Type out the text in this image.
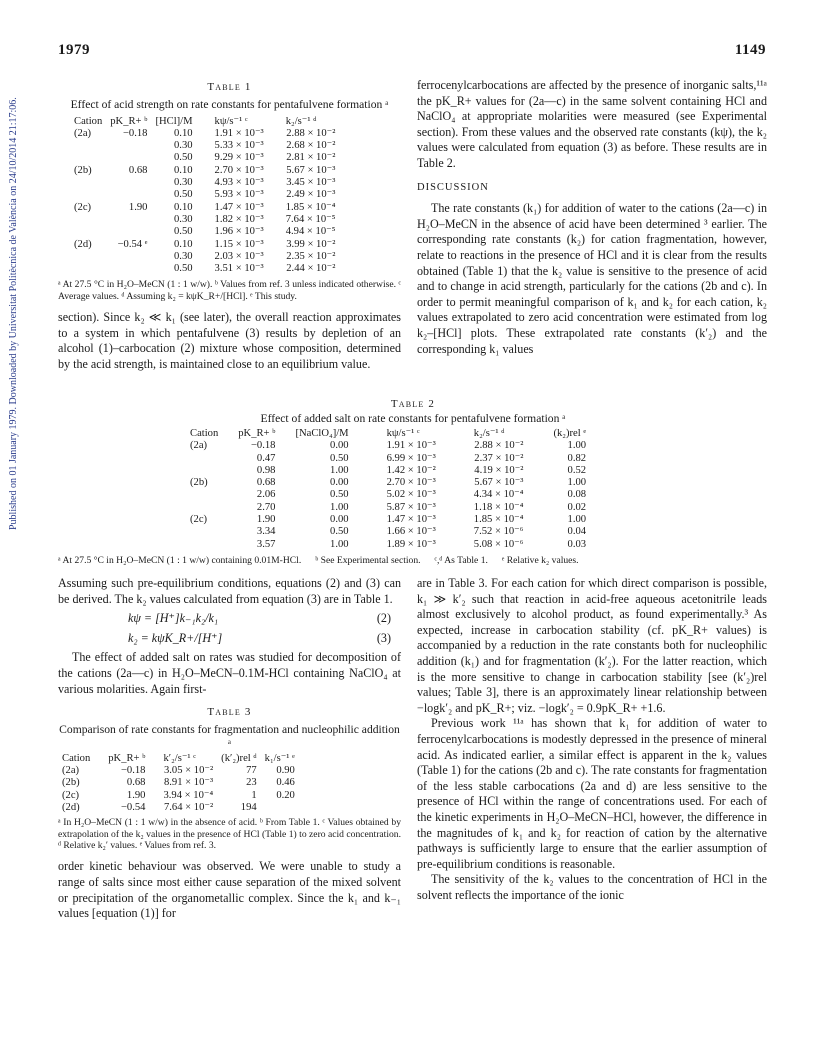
1979	1149
Published on 01 January 1979. Downloaded by Universitat Politècnica de València on 24/10/2014 21:17:06.
Table 1
Effect of acid strength on rate constants for pentafulvene formation ᵃ
Cation	pK_R+ ᵇ	[HCl]/M	kψ/s⁻¹ ᶜ	k₂/s⁻¹ ᵈ
(2a)	−0.18	0.10	1.91 × 10⁻³	2.88 × 10⁻²
		0.30	5.33 × 10⁻³	2.68 × 10⁻²
		0.50	9.29 × 10⁻³	2.81 × 10⁻²
(2b)	0.68	0.10	2.70 × 10⁻³	5.67 × 10⁻³
		0.30	4.93 × 10⁻³	3.45 × 10⁻³
		0.50	5.93 × 10⁻³	2.49 × 10⁻³
(2c)	1.90	0.10	1.47 × 10⁻³	1.85 × 10⁻⁴
		0.30	1.82 × 10⁻³	7.64 × 10⁻⁵
		0.50	1.96 × 10⁻³	4.94 × 10⁻⁵
(2d)	−0.54 ᵉ	0.10	1.15 × 10⁻³	3.99 × 10⁻²
		0.30	2.03 × 10⁻³	2.35 × 10⁻²
		0.50	3.51 × 10⁻³	2.44 × 10⁻²
ᵃ At 27.5 °C in H₂O–MeCN (1 : 1 w/w). ᵇ Values from ref. 3 unless indicated otherwise. ᶜ Average values. ᵈ Assuming k₂ = kψK_R+/[HCl]. ᵉ This study.

section). Since k₂ ≪ k₁ (see later), the overall reaction approximates to a system in which pentafulvene (3) results by depletion of an alcohol (1)–carbocation (2) mixture whose composition, determined by the acid strength, is maintained close to an equilibrium value.

ferrocenylcarbocations are affected by the presence of inorganic salts,¹¹ᵃ the pK_R+ values for (2a—c) in the same solvent containing HCl and NaClO₄ at appropriate molarities were measured (see Experimental section). From these values and the observed rate constants (kψ), the k₂ values were calculated from equation (3) as before. These results are in Table 2.

DISCUSSION

The rate constants (k₁) for addition of water to the cations (2a—c) in H₂O–MeCN in the absence of acid have been determined ³ earlier. The corresponding rate constants (k₂) for cation fragmentation, however, relate to reactions in the presence of HCl and it is clear from the results obtained (Table 1) that the k₂ value is sensitive to the presence of acid and to change in acid strength, particularly for the cations (2b and c). In order to permit meaningful comparison of k₁ and k₂ for each cation, k₂ values extrapolated to zero acid concentration were estimated from log k₂–[HCl] plots. These extrapolated rate constants (k′₂) and the corresponding k₁ values

Table 2
Effect of added salt on rate constants for pentafulvene formation ᵃ
Cation	pK_R+ ᵇ	[NaClO₄]/M	kψ/s⁻¹ ᶜ	k₂/s⁻¹ ᵈ	(k₂)rel ᵉ
(2a)	−0.18	0.00	1.91 × 10⁻³	2.88 × 10⁻²	1.00
	0.47	0.50	6.99 × 10⁻³	2.37 × 10⁻²	0.82
	0.98	1.00	1.42 × 10⁻²	4.19 × 10⁻²	0.52
(2b)	0.68	0.00	2.70 × 10⁻³	5.67 × 10⁻³	1.00
	2.06	0.50	5.02 × 10⁻³	4.34 × 10⁻⁴	0.08
	2.70	1.00	5.87 × 10⁻³	1.18 × 10⁻⁴	0.02
(2c)	1.90	0.00	1.47 × 10⁻³	1.85 × 10⁻⁴	1.00
	3.34	0.50	1.66 × 10⁻³	7.52 × 10⁻⁶	0.04
	3.57	1.00	1.89 × 10⁻³	5.08 × 10⁻⁶	0.03
ᵃ At 27.5 °C in H₂O–MeCN (1 : 1 w/w) containing 0.01M-HCl. ᵇ See Experimental section. ᶜ,ᵈ As Table 1. ᵉ Relative k₂ values.

Assuming such pre-equilibrium conditions, equations (2) and (3) can be derived. The k₂ values calculated from equation (3) are in Table 1.

kψ = [H⁺]k₋₁k₂/k₁	(2)
k₂ = kψK_R+/[H⁺]	(3)

The effect of added salt on rates was studied for decomposition of the cations (2a—c) in H₂O–MeCN–0.1M-HCl containing NaClO₄ at various molarities. Again first-

Table 3
Comparison of rate constants for fragmentation and nucleophilic addition ᵃ
Cation	pK_R+ ᵇ	k′₂/s⁻¹ ᶜ	(k′₂)rel ᵈ	k₁/s⁻¹ ᵉ
(2a)	−0.18	3.05 × 10⁻²	77	0.90
(2b)	0.68	8.91 × 10⁻³	23	0.46
(2c)	1.90	3.94 × 10⁻⁴	1	0.20
(2d)	−0.54	7.64 × 10⁻²	194	
ᵃ In H₂O–MeCN (1 : 1 w/w) in the absence of acid. ᵇ From Table 1. ᶜ Values obtained by extrapolation of the k₂ values in the presence of HCl (Table 1) to zero acid concentration. ᵈ Relative k₂′ values. ᵉ Values from ref. 3.

order kinetic behaviour was observed. We were unable to study a range of salts since most either cause separation of the mixed solvent or precipitation of the organometallic complex. Since the k₁ and k₋₁ values [equation (1)] for

are in Table 3. For each cation for which direct comparison is possible, k₁ ≫ k′₂ such that reaction in acid-free aqueous acetonitrile leads almost exclusively to alcohol product, as found experimentally.³ As expected, increase in carbocation stability (cf. pK_R+ values) is accompanied by a reduction in the rate constants both for nucleophilic addition (k₁) and for fragmentation (k′₂). For the latter reaction, which is the more sensitive to change in carbocation stability [see (k′₂)rel values; Table 3], there is an approximately linear relationship between −logk′₂ and pK_R+; viz. −logk′₂ = 0.9pK_R+ +1.6.

Previous work ¹¹ᵃ has shown that k₁ for addition of water to ferrocenylcarbocations is modestly depressed in the presence of mineral acid. As indicated earlier, a similar effect is apparent in the k₂ values (Table 1) for the cations (2b and c). The rate constants for fragmentation of the less stable carbocations (2a and d) are less sensitive to the presence of HCl within the range of concentrations used. For each of the kinetic experiments in H₂O–MeCN–HCl, however, the difference in the magnitudes of k₁ and k₂ for reaction of cation by the alternative pathways is sufficiently large to ensure that the earlier assumption of pre-equilibrium conditions is reasonable.

The sensitivity of the k₂ values to the concentration of HCl in the solvent reflects the importance of the ionic
